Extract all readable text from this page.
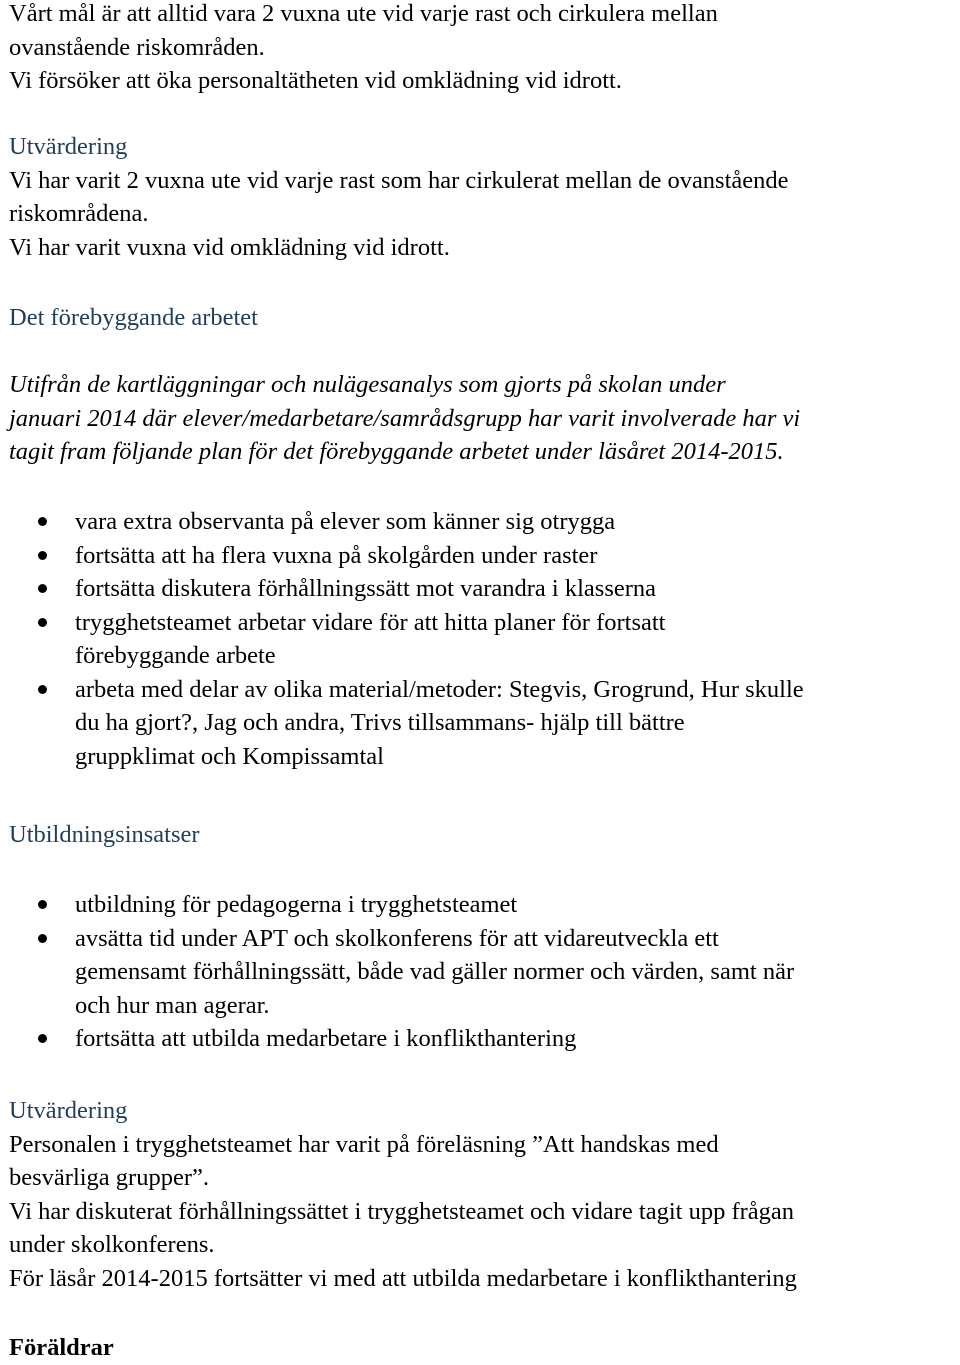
Vårt mål är att alltid vara 2 vuxna ute vid varje rast och cirkulera mellan
ovanstående riskområden.
Vi försöker att öka personaltätheten vid omklädning vid idrott.
Utvärdering
Vi har varit 2 vuxna ute vid varje rast som har cirkulerat mellan de ovanstående
riskområdena.
Vi har varit vuxna vid omklädning vid idrott.
Det förebyggande arbetet
Utifrån de kartläggningar och nulägesanalys som gjorts på skolan under
januari 2014 där elever/medarbetare/samrådsgrupp har varit involverade har vi
tagit fram följande plan för det förebyggande arbetet under läsåret 2014-2015.
vara extra observanta på elever som känner sig otrygga
fortsätta att ha flera vuxna på skolgården under raster
fortsätta diskutera förhållningssätt mot varandra i klasserna
trygghetsteamet arbetar vidare för att hitta planer för fortsatt
förebyggande arbete
arbeta med delar av olika material/metoder: Stegvis, Grogrund, Hur skulle
du ha gjort?, Jag och andra, Trivs tillsammans- hjälp till bättre
gruppklimat och Kompissamtal
Utbildningsinsatser
utbildning för pedagogerna i trygghetsteamet
avsätta tid under APT och skolkonferens för att vidareutveckla ett
gemensamt förhållningssätt, både vad gäller normer och värden, samt när
och hur man agerar.
fortsätta att utbilda medarbetare i konflikthantering
Utvärdering
Personalen i trygghetsteamet har varit på föreläsning ”Att handskas med
besvärliga grupper”.
Vi har diskuterat förhållningssättet i trygghetsteamet och vidare tagit upp frågan
under skolkonferens.
För läsår 2014-2015 fortsätter vi med att utbilda medarbetare i konflikthantering
Föräldrar
